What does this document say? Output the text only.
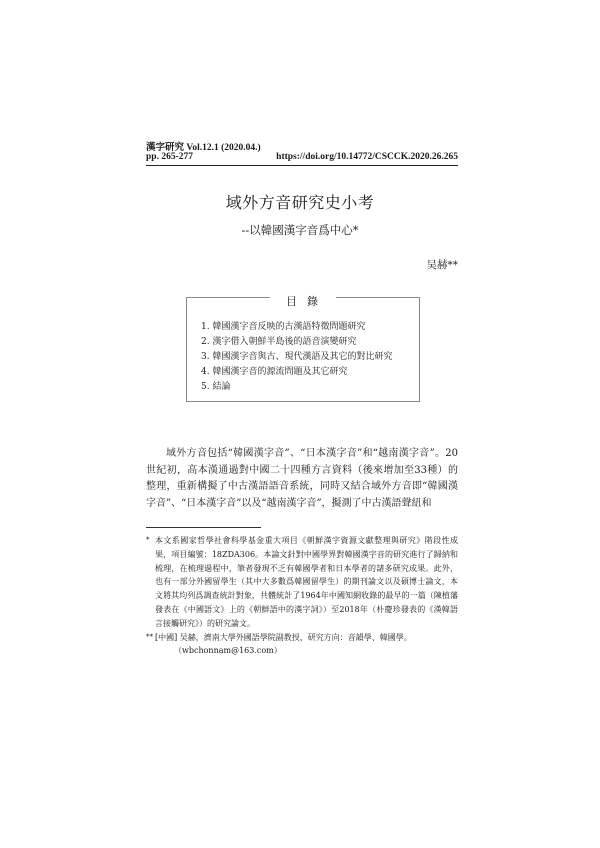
漢字研究 Vol.12.1 (2020.04.)
pp. 265-277	https://doi.org/10.14772/CSCCK.2020.26.265
域外方音研究史小考
--以韓國漢字音爲中心*
吴赫**
目錄
1. 韓國漢字音反映的古漢語特徵問題研究
2. 漢字借入朝鮮半島後的語音演變研究
3. 韓國漢字音與古、現代漢語及其它的對比研究
4. 韓國漢字音的源流問題及其它研究
5. 結論

域外方音包括“韓國漢字音”、“日本漢字音”和“越南漢字音”。20世紀初，高本漢通過對中國二十四種方言資料（後來增加至33種）的整理，重新構擬了中古漢語語音系統，同時又結合域外方音即“韓國漢字音”、“日本漢字音”以及“越南漢字音”，擬測了中古漢語聲紐和

* 本文系國家哲學社會科學基金重大項目《朝鮮漢字資源文獻整理與研究》階段性成果，項目編號：18ZDA306。本論文針對中國學界對韓國漢字音的研究進行了歸納和梳理，在梳理過程中，筆者發現不乏有韓國學者和日本學者的諸多研究成果。此外，也有一部分外國留學生（其中大多數爲韓國留學生）的期刊論文以及碩博士論文，本文將其均列爲調查統計對象，共體統計了1964年中國知網收錄的最早的一篇（陳植藩發表在《中國語文》上的《朝鮮語中的漢字詞》）至2018年（朴慶珍發表的《漢韓語言接觸研究》）的研究論文。
** [中國] 吴赫，濟南大學外國語學院副教授，研究方向：音韻學、韓國學。
（wbchonnam@163.com）
